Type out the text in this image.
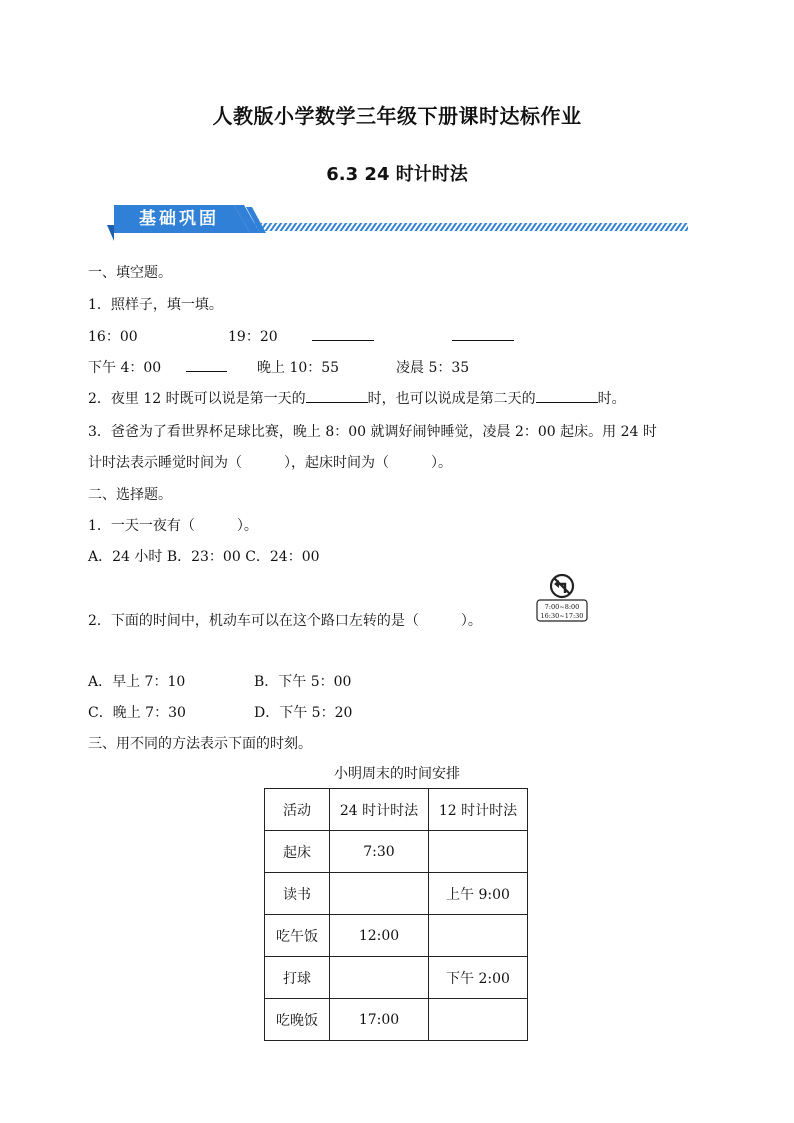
人教版小学数学三年级下册课时达标作业
6.3 24 时计时法
基础巩固
一、填空题。
1．照样子，填一填。
16：00	19：20
下午 4：00	晚上 10：55	凌晨 5：35
2．夜里 12 时既可以说是第一天的	时，也可以说成是第二天的	时。
3．爸爸为了看世界杯足球比赛，晚上 8：00 就调好闹钟睡觉，凌晨 2：00 起床。用 24 时
计时法表示睡觉时间为（　　　），起床时间为（　　　）。
二、选择题。
1．一天一夜有（　　　）。
A．24 小时 B．23：00 C．24：00
2．下面的时间中，机动车可以在这个路口左转的是（　　　）。
7:00~8:00
16:30~17:30
A．早上 7：10	B．下午 5：00
C．晚上 7：30	D．下午 5：20
三、用不同的方法表示下面的时刻。
小明周末的时间安排
活动	24 时计时法	12 时计时法
起床	7:30	
读书		上午 9:00
吃午饭	12:00	
打球		下午 2:00
吃晚饭	17:00	
